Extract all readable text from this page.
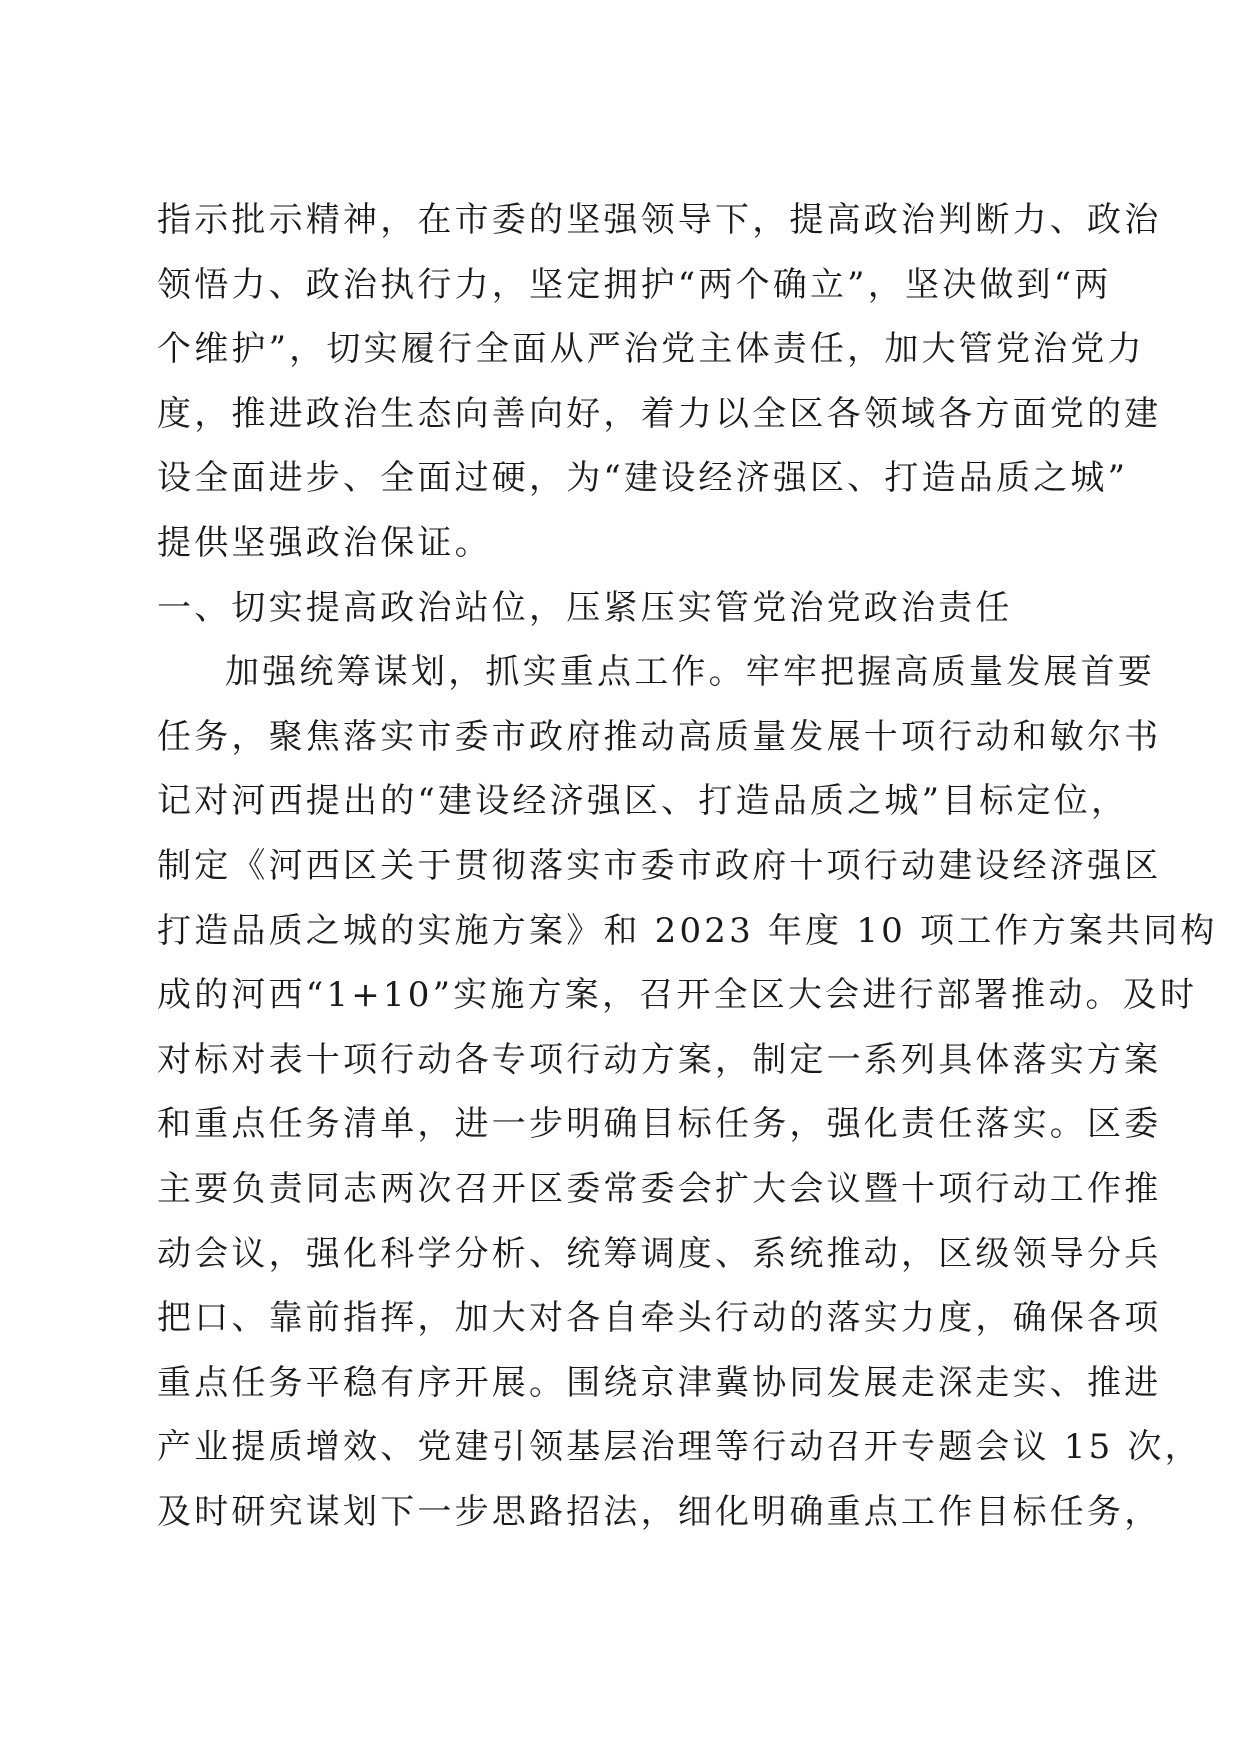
指示批示精神，在市委的坚强领导下，提高政治判断力、政治
领悟力、政治执行力，坚定拥护“两个确立”，坚决做到“两
个维护”，切实履行全面从严治党主体责任，加大管党治党力
度，推进政治生态向善向好，着力以全区各领域各方面党的建
设全面进步、全面过硬，为“建设经济强区、打造品质之城”
提供坚强政治保证。
一、切实提高政治站位，压紧压实管党治党政治责任
加强统筹谋划，抓实重点工作。牢牢把握高质量发展首要
任务，聚焦落实市委市政府推动高质量发展十项行动和敏尔书
记对河西提出的“建设经济强区、打造品质之城”目标定位，
制定《河西区关于贯彻落实市委市政府十项行动建设经济强区
打造品质之城的实施方案》和 2023 年度 10 项工作方案共同构
成的河西“1+10”实施方案，召开全区大会进行部署推动。及时
对标对表十项行动各专项行动方案，制定一系列具体落实方案
和重点任务清单，进一步明确目标任务，强化责任落实。区委
主要负责同志两次召开区委常委会扩大会议暨十项行动工作推
动会议，强化科学分析、统筹调度、系统推动，区级领导分兵
把口、靠前指挥，加大对各自牵头行动的落实力度，确保各项
重点任务平稳有序开展。围绕京津冀协同发展走深走实、推进
产业提质增效、党建引领基层治理等行动召开专题会议 15 次，
及时研究谋划下一步思路招法，细化明确重点工作目标任务，
